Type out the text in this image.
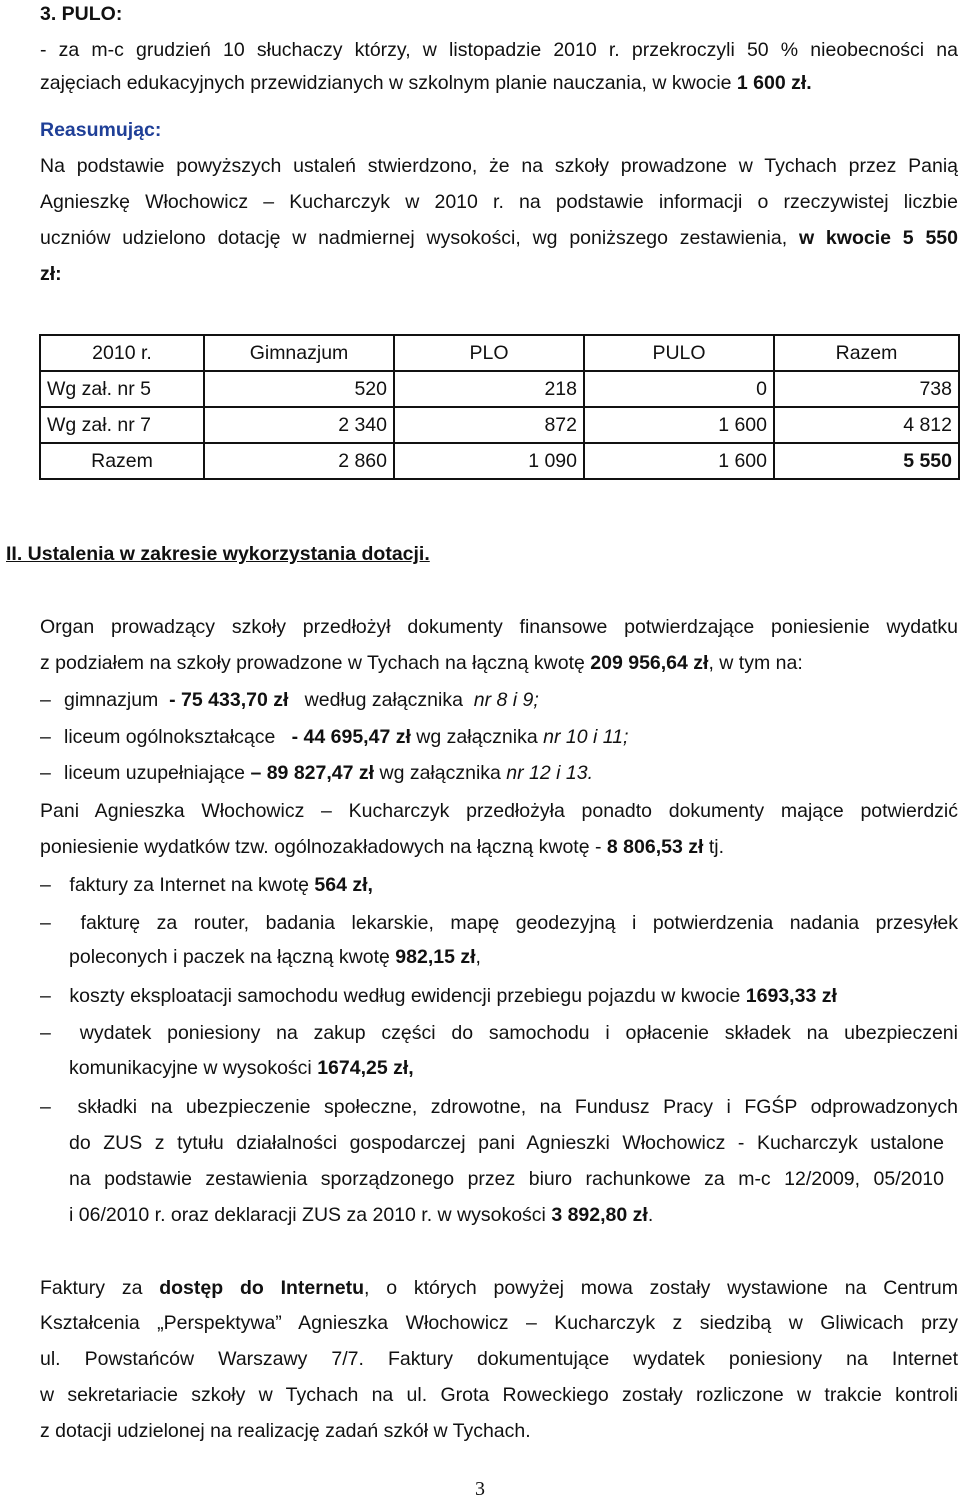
3. PULO:
- za m-c grudzień 10 słuchaczy którzy, w listopadzie 2010 r. przekroczyli 50 % nieobecności na
zajęciach edukacyjnych przewidzianych w szkolnym planie nauczania, w kwocie 1 600 zł.
Reasumując:
Na podstawie powyższych ustaleń stwierdzono, że na szkoły prowadzone w Tychach przez Panią
Agnieszkę Włochowicz – Kucharczyk w 2010 r. na podstawie informacji o rzeczywistej liczbie
uczniów udzielono dotację w nadmiernej wysokości, wg poniższego zestawienia, w kwocie 5 550
zł:
2010 r.	Gimnazjum	PLO	PULO	Razem
Wg zał. nr 5	520	218	0	738
Wg zał. nr 7	2 340	872	1 600	4 812
Razem	2 860	1 090	1 600	5 550
II. Ustalenia w zakresie wykorzystania dotacji.
Organ prowadzący szkoły przedłożył dokumenty finansowe potwierdzające poniesienie wydatku
z podziałem na szkoły prowadzone w Tychach na łączną kwotę 209 956,64 zł, w tym na:
– gimnazjum - 75 433,70 zł według załącznika nr 8 i 9;
– liceum ogólnokształcące - 44 695,47 zł wg załącznika nr 10 i 11;
– liceum uzupełniające – 89 827,47 zł wg załącznika nr 12 i 13.
Pani Agnieszka Włochowicz – Kucharczyk przedłożyła ponadto dokumenty mające potwierdzić
poniesienie wydatków tzw. ogólnozakładowych na łączną kwotę - 8 806,53 zł tj.
– faktury za Internet na kwotę 564 zł,
– fakturę za router, badania lekarskie, mapę geodezyjną i potwierdzenia nadania przesyłek
poleconych i paczek na łączną kwotę 982,15 zł,
– koszty eksploatacji samochodu według ewidencji przebiegu pojazdu w kwocie 1693,33 zł
– wydatek poniesiony na zakup części do samochodu i opłacenie składek na ubezpieczeni
komunikacyjne w wysokości 1674,25 zł,
– składki na ubezpieczenie społeczne, zdrowotne, na Fundusz Pracy i FGŚP odprowadzonych
do ZUS z tytułu działalności gospodarczej pani Agnieszki Włochowicz - Kucharczyk ustalone
na podstawie zestawienia sporządzonego przez biuro rachunkowe za m-c 12/2009, 05/2010
i 06/2010 r. oraz deklaracji ZUS za 2010 r. w wysokości 3 892,80 zł.
Faktury za dostęp do Internetu, o których powyżej mowa zostały wystawione na Centrum
Kształcenia „Perspektywa” Agnieszka Włochowicz – Kucharczyk z siedzibą w Gliwicach przy
ul. Powstańców Warszawy 7/7. Faktury dokumentujące wydatek poniesiony na Internet
w sekretariacie szkoły w Tychach na ul. Grota Roweckiego zostały rozliczone w trakcie kontroli
z dotacji udzielonej na realizację zadań szkół w Tychach.
3
